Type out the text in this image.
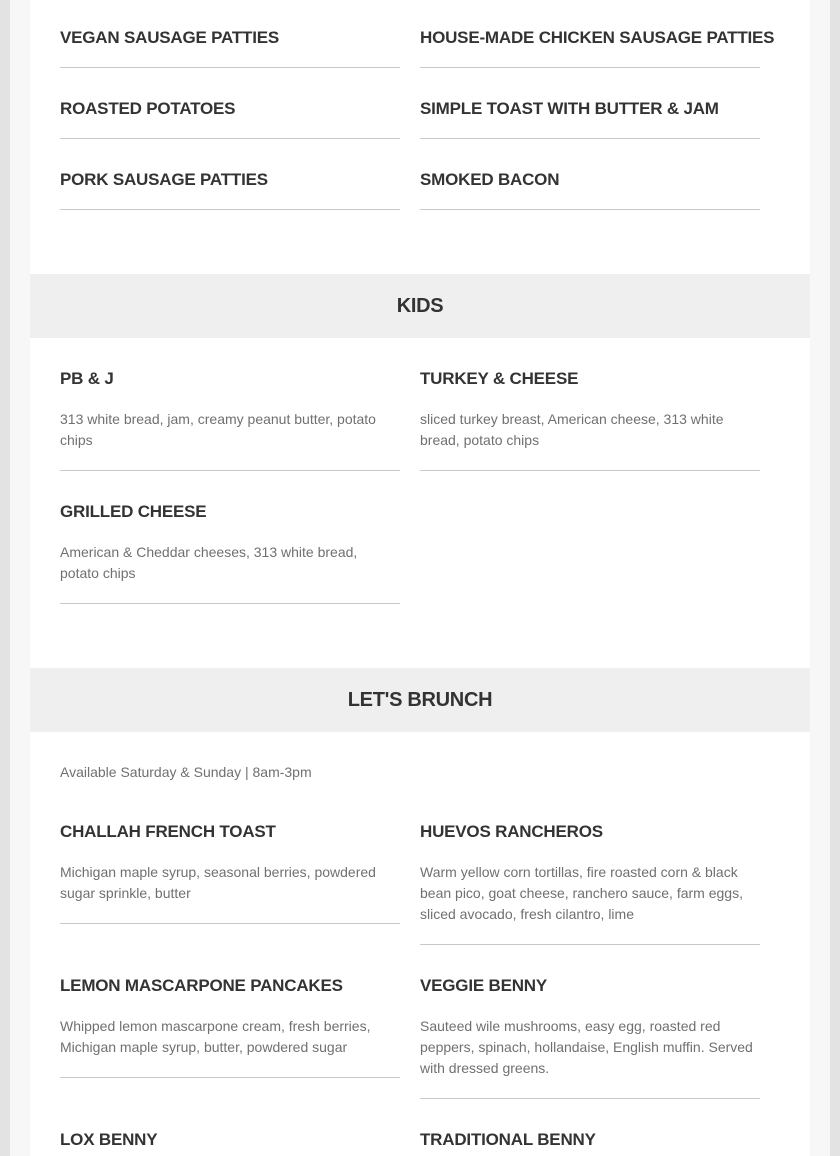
VEGAN SAUSAGE PATTIES	HOUSE-MADE CHICKEN SAUSAGE PATTIES
ROASTED POTATOES	SIMPLE TOAST WITH BUTTER & JAM
PORK SAUSAGE PATTIES	SMOKED BACON
KIDS
PB & J
313 white bread, jam, creamy peanut butter, potato chips
TURKEY & CHEESE
sliced turkey breast, American cheese, 313 white bread, potato chips
GRILLED CHEESE
American & Cheddar cheeses, 313 white bread, potato chips
LET'S BRUNCH
Available Saturday & Sunday | 8am-3pm
CHALLAH FRENCH TOAST
Michigan maple syrup, seasonal berries, powdered sugar sprinkle, butter
HUEVOS RANCHEROS
Warm yellow corn tortillas, fire roasted corn & black bean pico, goat cheese, ranchero sauce, farm eggs, sliced avocado, fresh cilantro, lime
LEMON MASCARPONE PANCAKES
Whipped lemon mascarpone cream, fresh berries, Michigan maple syrup, butter, powdered sugar
VEGGIE BENNY
Sauteed wile mushrooms, easy egg, roasted red peppers, spinach, hollandaise, English muffin. Served with dressed greens.
LOX BENNY	TRADITIONAL BENNY
